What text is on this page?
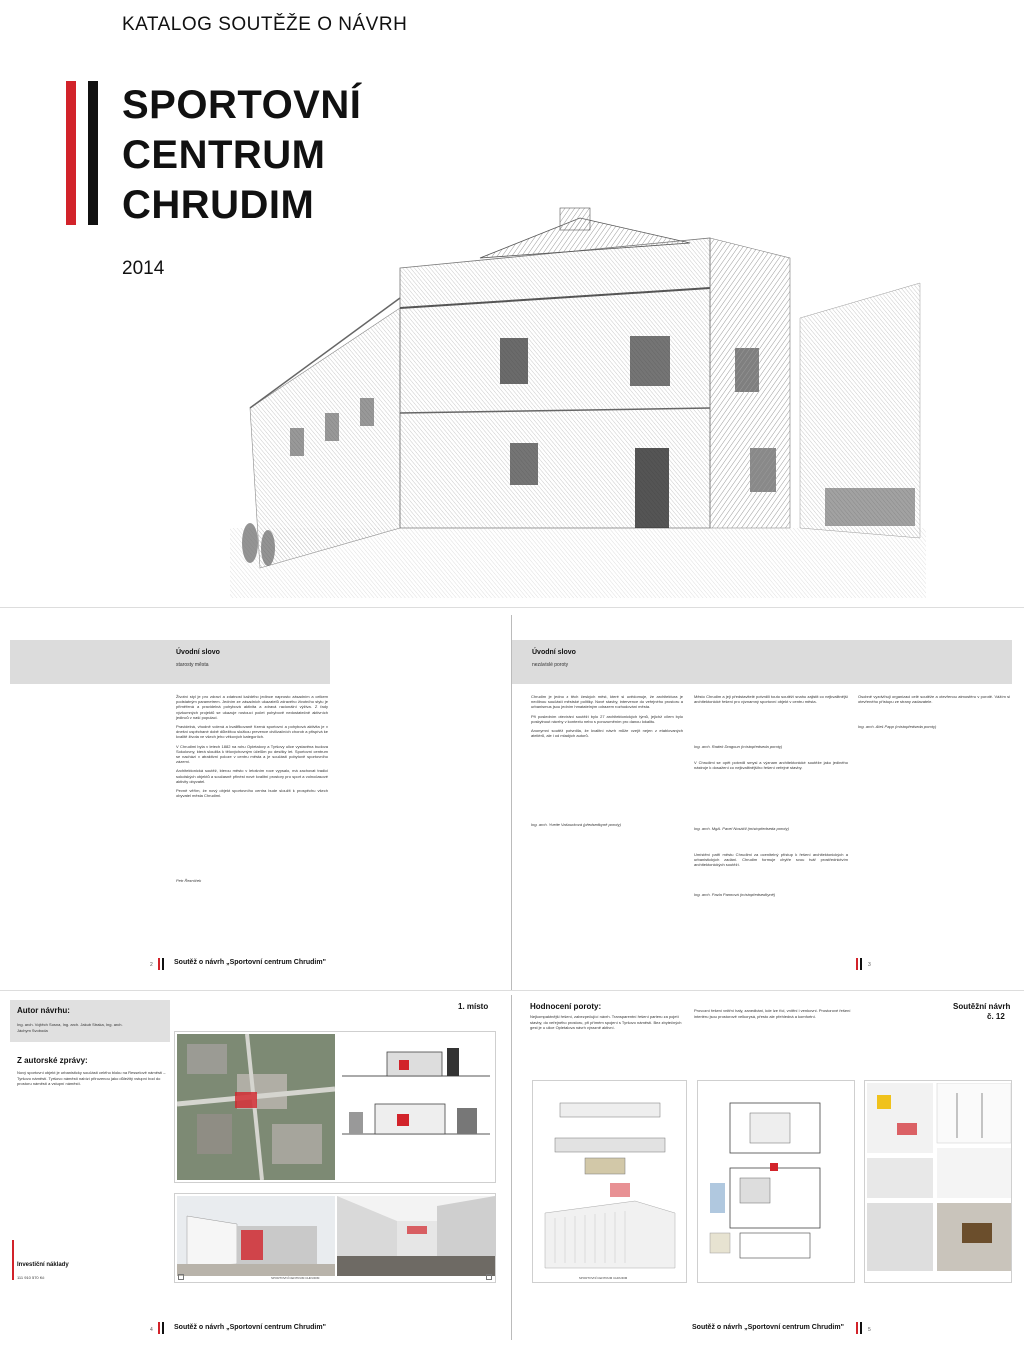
KATALOG SOUTĚŽE O NÁVRH
SPORTOVNÍ
CENTRUM
CHRUDIM
2014
Úvodní slovo
starosty města

Životní styl je pro zdraví a zdatnost každého jedince naprosto zásadním a celkem podstatným parametrem. Jedním ze zásadních ukazatelů zdravého životního stylu je přiměřená a pravidelná pohybová aktivita a zdravá racionální výživa. Z řady výzkumných projektů se ukazuje rostoucí počet pohybově nedostatečně aktivních jedinců v naší populaci.

Pravidelná, vhodně volená a kvalifikovaně řízená sportovní a pohybová aktivita je v dnešní uspěchané době důležitou složkou prevence civilizačních chorob a přispívá ke kvalitě života ve všech jeho věkových kategoriích.

V Chrudimi byla v letech 1882 na rohu Opletalovy a Tyršovy ulice vystavěna budova Sokolovny, která sloužila k tělovýchovným účelům po desítky let. Sportovní centrum se nachází v atraktivní poloze v centru města a je součástí pobytově sportovního zázemí.

Architektonická soutěž, kterou město v letošním roce vypsalo, má zachovat tradici sokolských objektů a současně přinést nové kvalitní prostory pro sport a volnočasové aktivity obyvatel.

Pevně věřím, že nový objekt sportovního centra bude sloužit k prospěchu všech obyvatel města Chrudimi.

Petr Řezníček
2	Soutěž o návrh „Sportovní centrum Chrudim"
Úvodní slovo
nezávislé poroty

Chrudim je jedno z těch českých měst, které si uvědomuje, že architektura je nedílnou součástí městské politiky. Nové stavby, intervence do veřejného prostoru a urbanismus jsou jedním hmatatelným odrazem rozhodování města.

Při posledním otevírání soutěží bylo 27 architektonických týmů, jejichž cílem bylo poskytnout návrhy v kontextu nebo s porozuměním pro danou lokalitu.

Anonymní soutěž potvrdila, že kvalitní návrh může vzejít nejen z etablovaných ateliérů, ale i od mladých autorů.

Ing. arch. Yvette Vašourková (předsedkyně poroty)

Město Chrudim a její představitelé potvrdili touto soutěží snahu zajistit co nejkvalitnější architektonické řešení pro významný sportovní objekt v centru města.

Ing. arch. Radek Dragoun (místopředseda poroty)

V Chrudimi se opět potvrdil smysl a význam architektonické soutěže jako jediného nástroje k dosažení co nejkvalitnějšího řešení veřejné stavby.

Ing. arch. MgA. Pavel Nosáčil (místopředseda poroty)

Umístění patří městu Chrudimi za ocenitelný přístup k řešení architektonických a urbanistických zadání. Chrudim formuje chytře svou tvář prostřednictvím architektonických soutěží.

Ing. arch. Pavla Pannová (místopředsedkyně)

Osobně vyzdvihuji organizaci celé soutěže a otevřenou atmosféru v porotě. Vážím si otevřeného přístupu ze strany zadavatele.

Ing. arch. Aleš Papp (místopředseda poroty)
3
Autor návrhu:
Ing. arch. Vojtěch Sosna, Ing. arch. Jakub Straka, Ing. arch. Jáchym Svoboda
1. místo
Z autorské zprávy:
Nový sportovní objekt je urbanisticky součástí celého bloku na Resselově náměstí – Tyršovo náměstí. Tyršovo náměstí nabízí přirozenou jako důležitý vstupní bod do prostoru náměstí a vstupní náměstí.
Investiční náklady
111 910 570 Kč	SPORTOVNÍ CENTRUM CHRUDIM
4	Soutěž o návrh „Sportovní centrum Chrudim"
Hodnocení poroty:
Nejkompaktnější řešení, zabezpečující návrh. Transparentní řešení parteru za pojetí stavby, do veřejného prostoru, při přímém spojení s Tyršovo náměstí. Bez zbytečných gest je u ulice Opletalova návrh výrazně aktivní.
Provozní řešení vnitřní haly, zanedbání, kde lze říci, vnitřní i venkovní. Prostorové řešení interiéru jsou prostorově velkorysá, přesto ale přehledná a komfortní.
Soutěžní návrh
č. 12
SPORTOVNÍ CENTRUM CHRUDIM
Soutěž o návrh „Sportovní centrum Chrudim"	5
